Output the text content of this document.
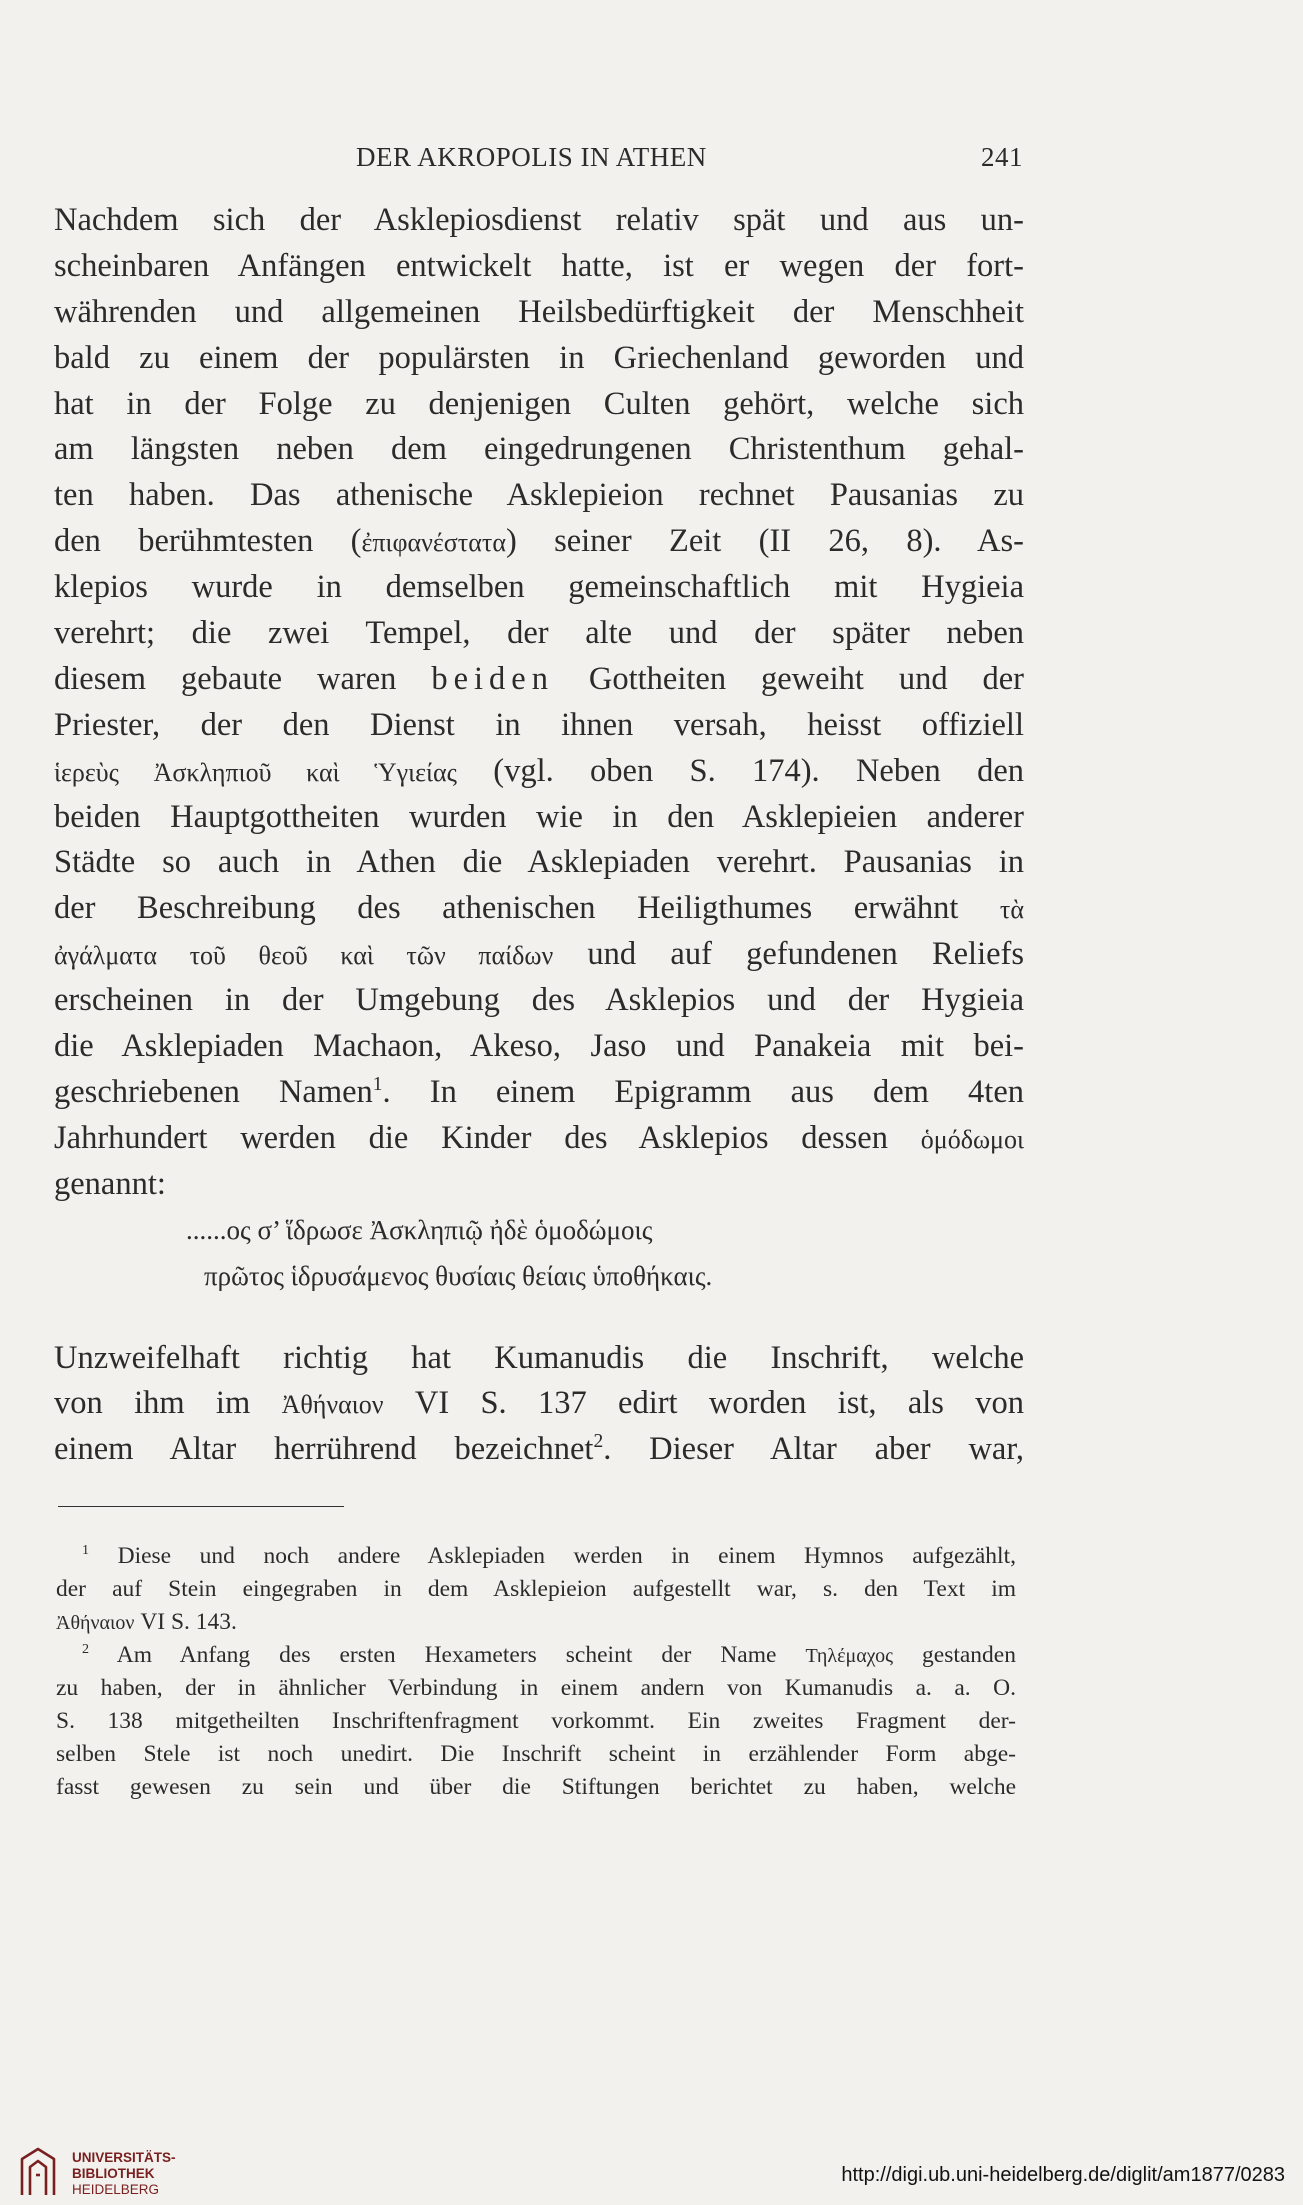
DER AKROPOLIS IN ATHEN	241
Nachdem sich der Asklepiosdienst relativ spät und aus un-
scheinbaren Anfängen entwickelt hatte, ist er wegen der fort-
währenden und allgemeinen Heilsbedürftigkeit der Menschheit
bald zu einem der populärsten in Griechenland geworden und
hat in der Folge zu denjenigen Culten gehört, welche sich
am längsten neben dem eingedrungenen Christenthum gehal-
ten haben. Das athenische Asklepieion rechnet Pausanias zu
den berühmtesten (ἐπιφανέστατα) seiner Zeit (II 26, 8). As-
klepios wurde in demselben gemeinschaftlich mit Hygieia
verehrt; die zwei Tempel, der alte und der später neben
diesem gebaute waren beiden Gottheiten geweiht und der
Priester, der den Dienst in ihnen versah, heisst offiziell
ἱερεὺς Ἀσκληπιοῦ καὶ Ὑγιείας (vgl. oben S. 174). Neben den
beiden Hauptgottheiten wurden wie in den Asklepieien anderer
Städte so auch in Athen die Asklepiaden verehrt. Pausanias in
der Beschreibung des athenischen Heiligthumes erwähnt τὰ
ἀγάλματα τοῦ θεοῦ καὶ τῶν παίδων und auf gefundenen Reliefs
erscheinen in der Umgebung des Asklepios und der Hygieia
die Asklepiaden Machaon, Akeso, Jaso und Panakeia mit bei-
geschriebenen Namen$^1$. In einem Epigramm aus dem 4ten
Jahrhundert werden die Kinder des Asklepios dessen ὁμόδωμοι
genannt:
......ος σ’ ἵδρωσε Ἀσκληπιῷ ἠδὲ ὁμοδώμοις
πρῶτος ἱδρυσάμενος θυσίαις θείαις ὑποθήκαις.
Unzweifelhaft richtig hat Kumanudis die Inschrift, welche
von ihm im Ἀθήναιον VI S. 137 edirt worden ist, als von
einem Altar herrührend bezeichnet$^2$. Dieser Altar aber war,
$^1$ Diese und noch andere Asklepiaden werden in einem Hymnos aufgezählt,
der auf Stein eingegraben in dem Asklepieion aufgestellt war, s. den Text im
Ἀθήναιον VI S. 143.
$^2$ Am Anfang des ersten Hexameters scheint der Name Τηλέμαχος gestanden
zu haben, der in ähnlicher Verbindung in einem andern von Kumanudis a. a. O.
S. 138 mitgetheilten Inschriftenfragment vorkommt. Ein zweites Fragment der-
selben Stele ist noch unedirt. Die Inschrift scheint in erzählender Form abge-
fasst gewesen zu sein und über die Stiftungen berichtet zu haben, welche
UNIVERSITÄTS-
BIBLIOTHEK
HEIDELBERG
http://digi.ub.uni-heidelberg.de/diglit/am1877/0283
